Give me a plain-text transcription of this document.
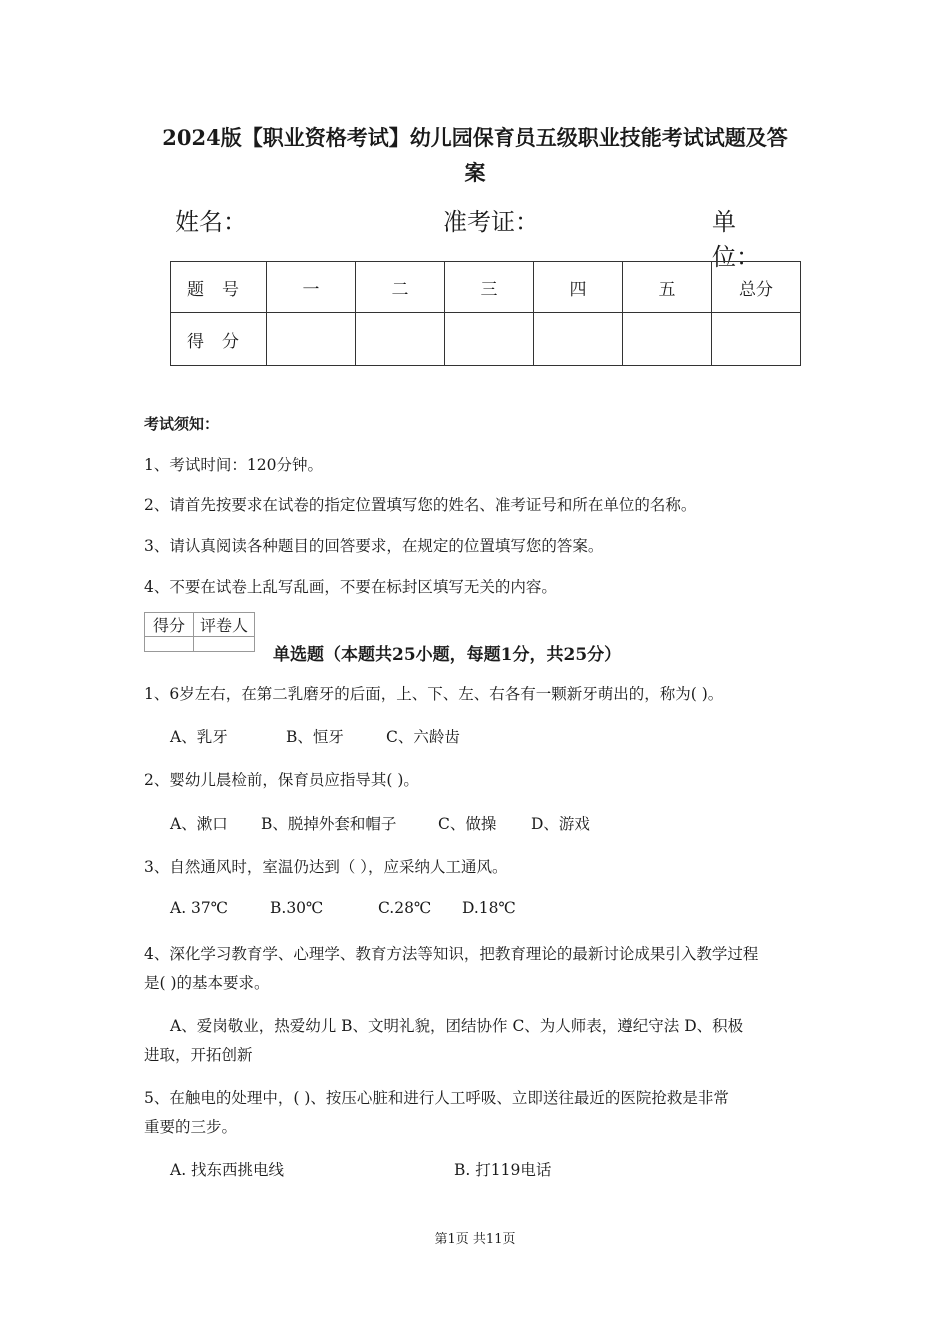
2024版【职业资格考试】幼儿园保育员五级职业技能考试试题及答
案
姓名：	准考证：	单位：
题号	一	二	三	四	五	总分
得分						
考试须知：
1、考试时间：120分钟。
2、请首先按要求在试卷的指定位置填写您的姓名、准考证号和所在单位的名称。
3、请认真阅读各种题目的回答要求，在规定的位置填写您的答案。
4、不要在试卷上乱写乱画，不要在标封区填写无关的内容。
得分	评卷人

单选题（本题共25小题，每题1分，共25分）
1、6岁左右，在第二乳磨牙的后面，上、下、左、右各有一颗新牙萌出的，称为( )。
A、乳牙	B、恒牙	C、六龄齿
2、婴幼儿晨检前，保育员应指导其( )。
A、漱口 B、脱掉外套和帽子	C、做操 D、游戏
3、自然通风时，室温仍达到（ ），应采纳人工通风。
A. 37℃	B.30℃	C.28℃ D.18℃
4、深化学习教育学、心理学、教育方法等知识，把教育理论的最新讨论成果引入教学过程
是( )的基本要求。
A、爱岗敬业，热爱幼儿 B、文明礼貌，团结协作 C、为人师表，遵纪守法 D、积极
进取，开拓创新
5、在触电的处理中，( )、按压心脏和进行人工呼吸、立即送往最近的医院抢救是非常
重要的三步。
A. 找东西挑电线	B. 打119电话
第1页 共11页
